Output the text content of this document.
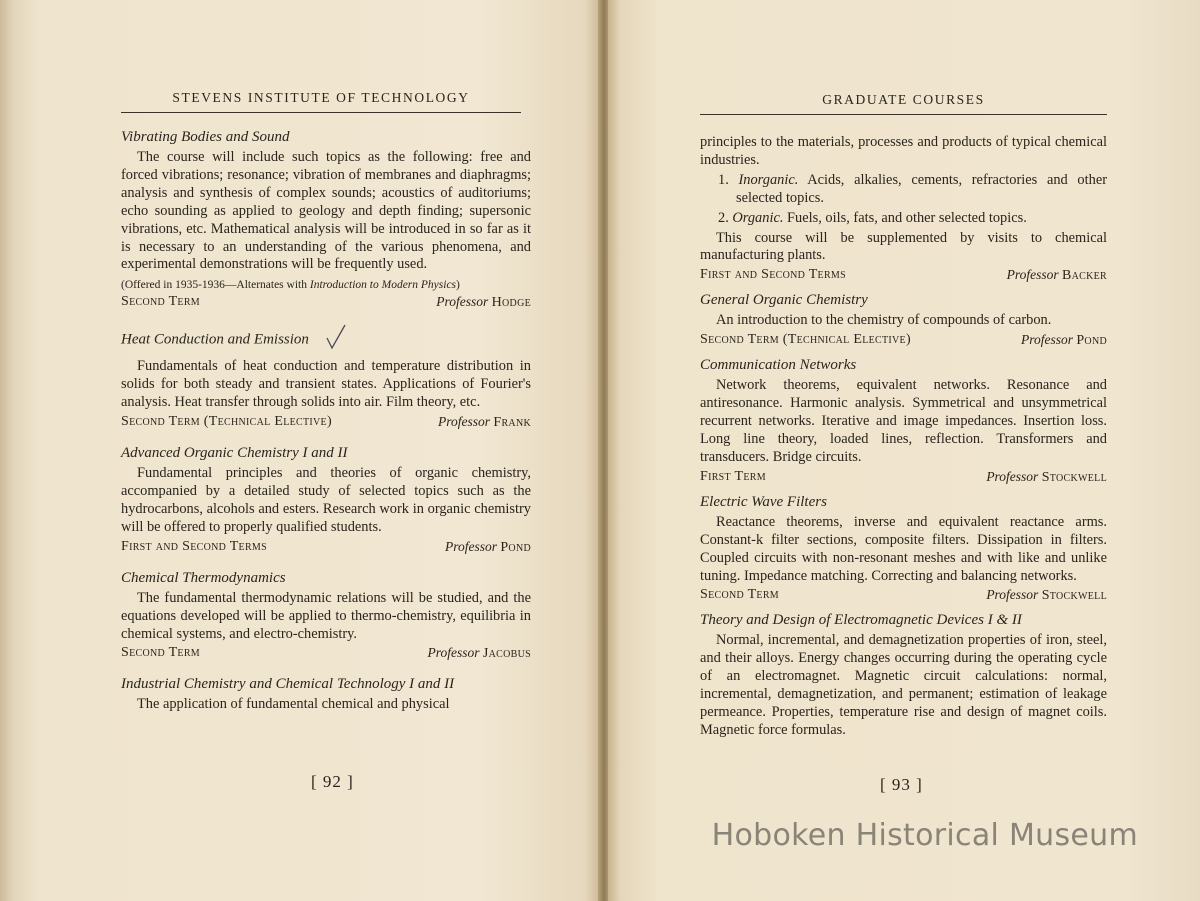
STEVENS INSTITUTE OF TECHNOLOGY
Vibrating Bodies and Sound

The course will include such topics as the following: free and forced vibrations; resonance; vibration of membranes and diaphragms; analysis and synthesis of complex sounds; acoustics of auditoriums; echo sounding as applied to geology and depth finding; supersonic vibrations, etc. Mathematical analysis will be introduced in so far as it is necessary to an understanding of the various phenomena, and experimental demonstrations will be frequently used.

(Offered in 1935-1936—Alternates with Introduction to Modern Physics)

Second Term	Professor Hodge
Heat Conduction and Emission

Fundamentals of heat conduction and temperature distribution in solids for both steady and transient states. Applications of Fourier's analysis. Heat transfer through solids into air. Film theory, etc.

Second Term (Technical Elective)	Professor Frank
Advanced Organic Chemistry I and II

Fundamental principles and theories of organic chemistry, accompanied by a detailed study of selected topics such as the hydrocarbons, alcohols and esters. Research work in organic chemistry will be offered to properly qualified students.

First and Second Terms	Professor Pond
Chemical Thermodynamics

The fundamental thermodynamic relations will be studied, and the equations developed will be applied to thermo-chemistry, equilibria in chemical systems, and electro-chemistry.

Second Term	Professor Jacobus
Industrial Chemistry and Chemical Technology I and II

The application of fundamental chemical and physical

[ 92 ]
GRADUATE COURSES

principles to the materials, processes and products of typical chemical industries.

1. Inorganic. Acids, alkalies, cements, refractories and other selected topics.

2. Organic. Fuels, oils, fats, and other selected topics.

This course will be supplemented by visits to chemical manufacturing plants.

First and Second Terms	Professor Backer
General Organic Chemistry

An introduction to the chemistry of compounds of carbon.

Second Term (Technical Elective)	Professor Pond
Communication Networks

Network theorems, equivalent networks. Resonance and antiresonance. Harmonic analysis. Symmetrical and unsymmetrical recurrent networks. Iterative and image impedances. Insertion loss. Long line theory, loaded lines, reflection. Transformers and transducers. Bridge circuits.

First Term	Professor Stockwell
Electric Wave Filters

Reactance theorems, inverse and equivalent reactance arms. Constant-k filter sections, composite filters. Dissipation in filters. Coupled circuits with non-resonant meshes and with like and unlike tuning. Impedance matching. Correcting and balancing networks.

Second Term	Professor Stockwell
Theory and Design of Electromagnetic Devices I & II

Normal, incremental, and demagnetization properties of iron, steel, and their alloys. Energy changes occurring during the operating cycle of an electromagnet. Magnetic circuit calculations: normal, incremental, demagnetization, and permanent; estimation of leakage permeance. Properties, temperature rise and design of magnet coils. Magnetic force formulas.

[ 93 ]
Hoboken Historical Museum
